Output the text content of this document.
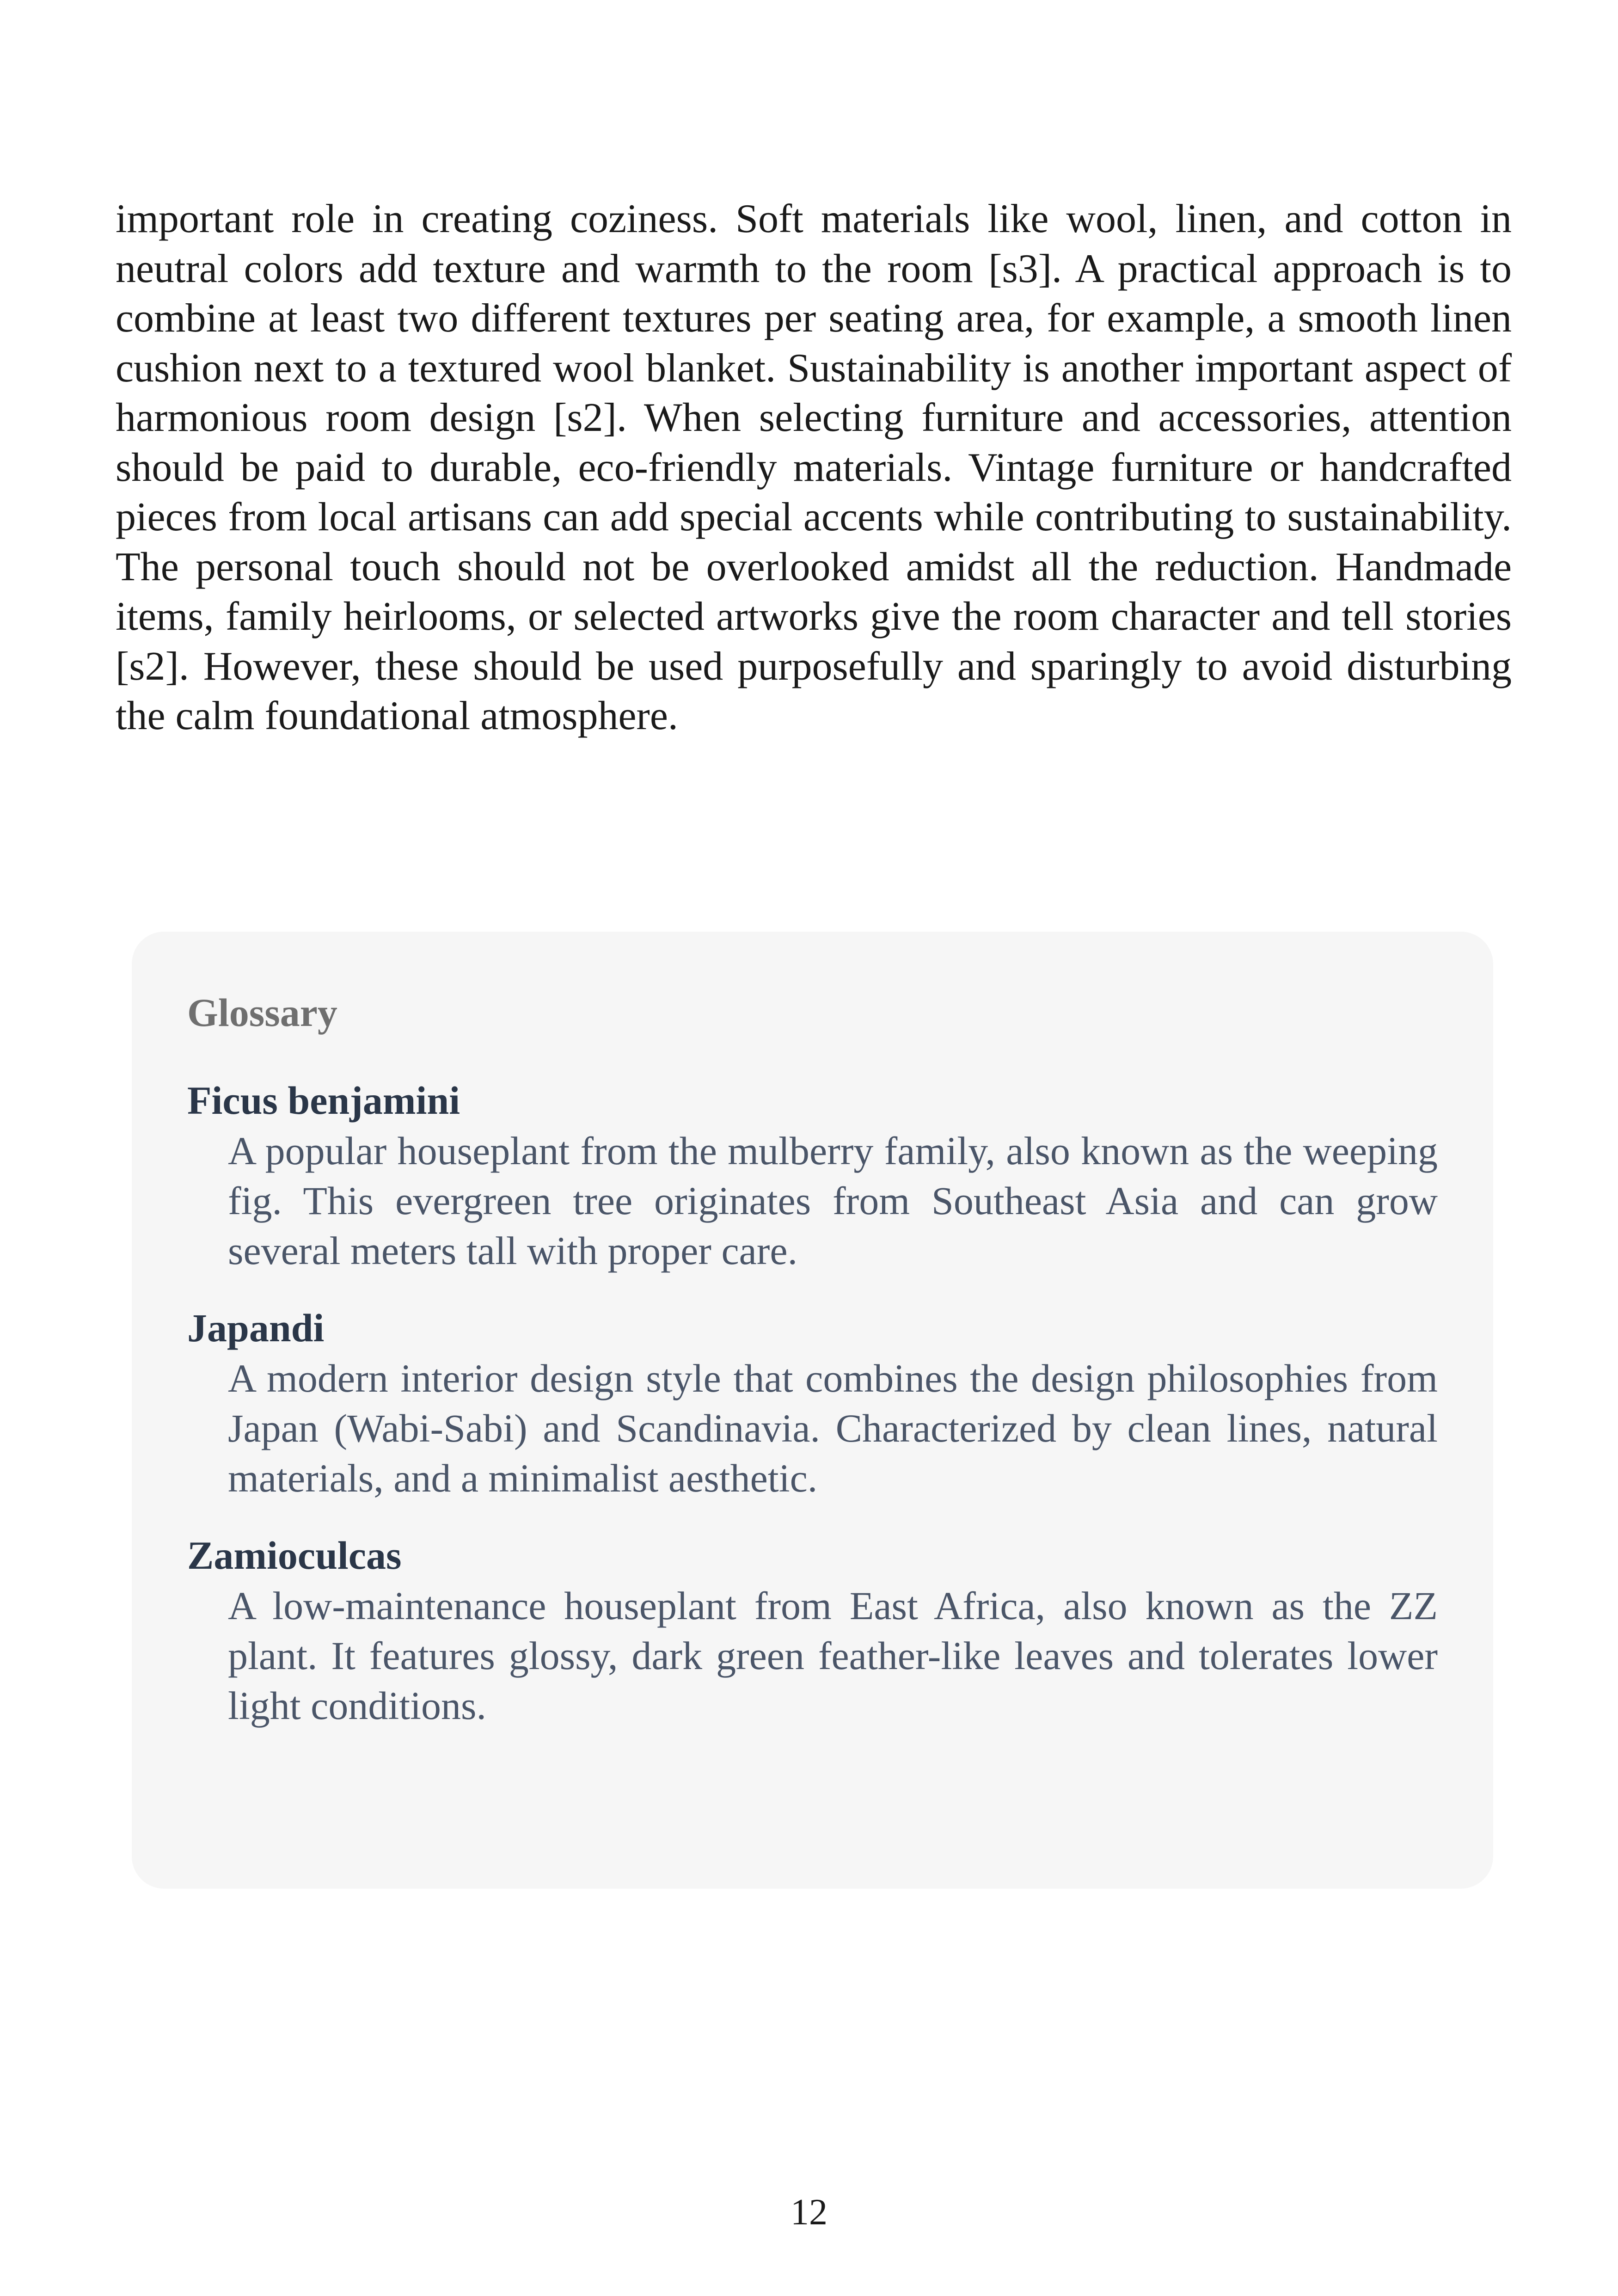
important role in creating coziness. Soft materials like wool, linen, and cotton in neutral colors add texture and warmth to the room [s3]. A practical approach is to combine at least two different textures per seating area, for example, a smooth linen cushion next to a textured wool blanket. Sustainability is another important aspect of harmonious room design [s2]. When selecting furniture and accessories, attention should be paid to durable, eco-friendly materials. Vintage furniture or handcrafted pieces from local artisans can add special accents while contributing to sustainability. The personal touch should not be overlooked amidst all the reduction. Handmade items, family heirlooms, or selected artworks give the room character and tell stories [s2]. However, these should be used purposefully and sparingly to avoid disturbing the calm foundational atmosphere.

Glossary
Ficus benjamini
A popular houseplant from the mulberry family, also known as the weeping fig. This evergreen tree originates from Southeast Asia and can grow several meters tall with proper care.
Japandi
A modern interior design style that combines the design philosophies from Japan (Wabi-Sabi) and Scandinavia. Characterized by clean lines, natural materials, and a minimalist aesthetic.
Zamioculcas
A low-maintenance houseplant from East Africa, also known as the ZZ plant. It features glossy, dark green feather-like leaves and tolerates lower light conditions.
12
